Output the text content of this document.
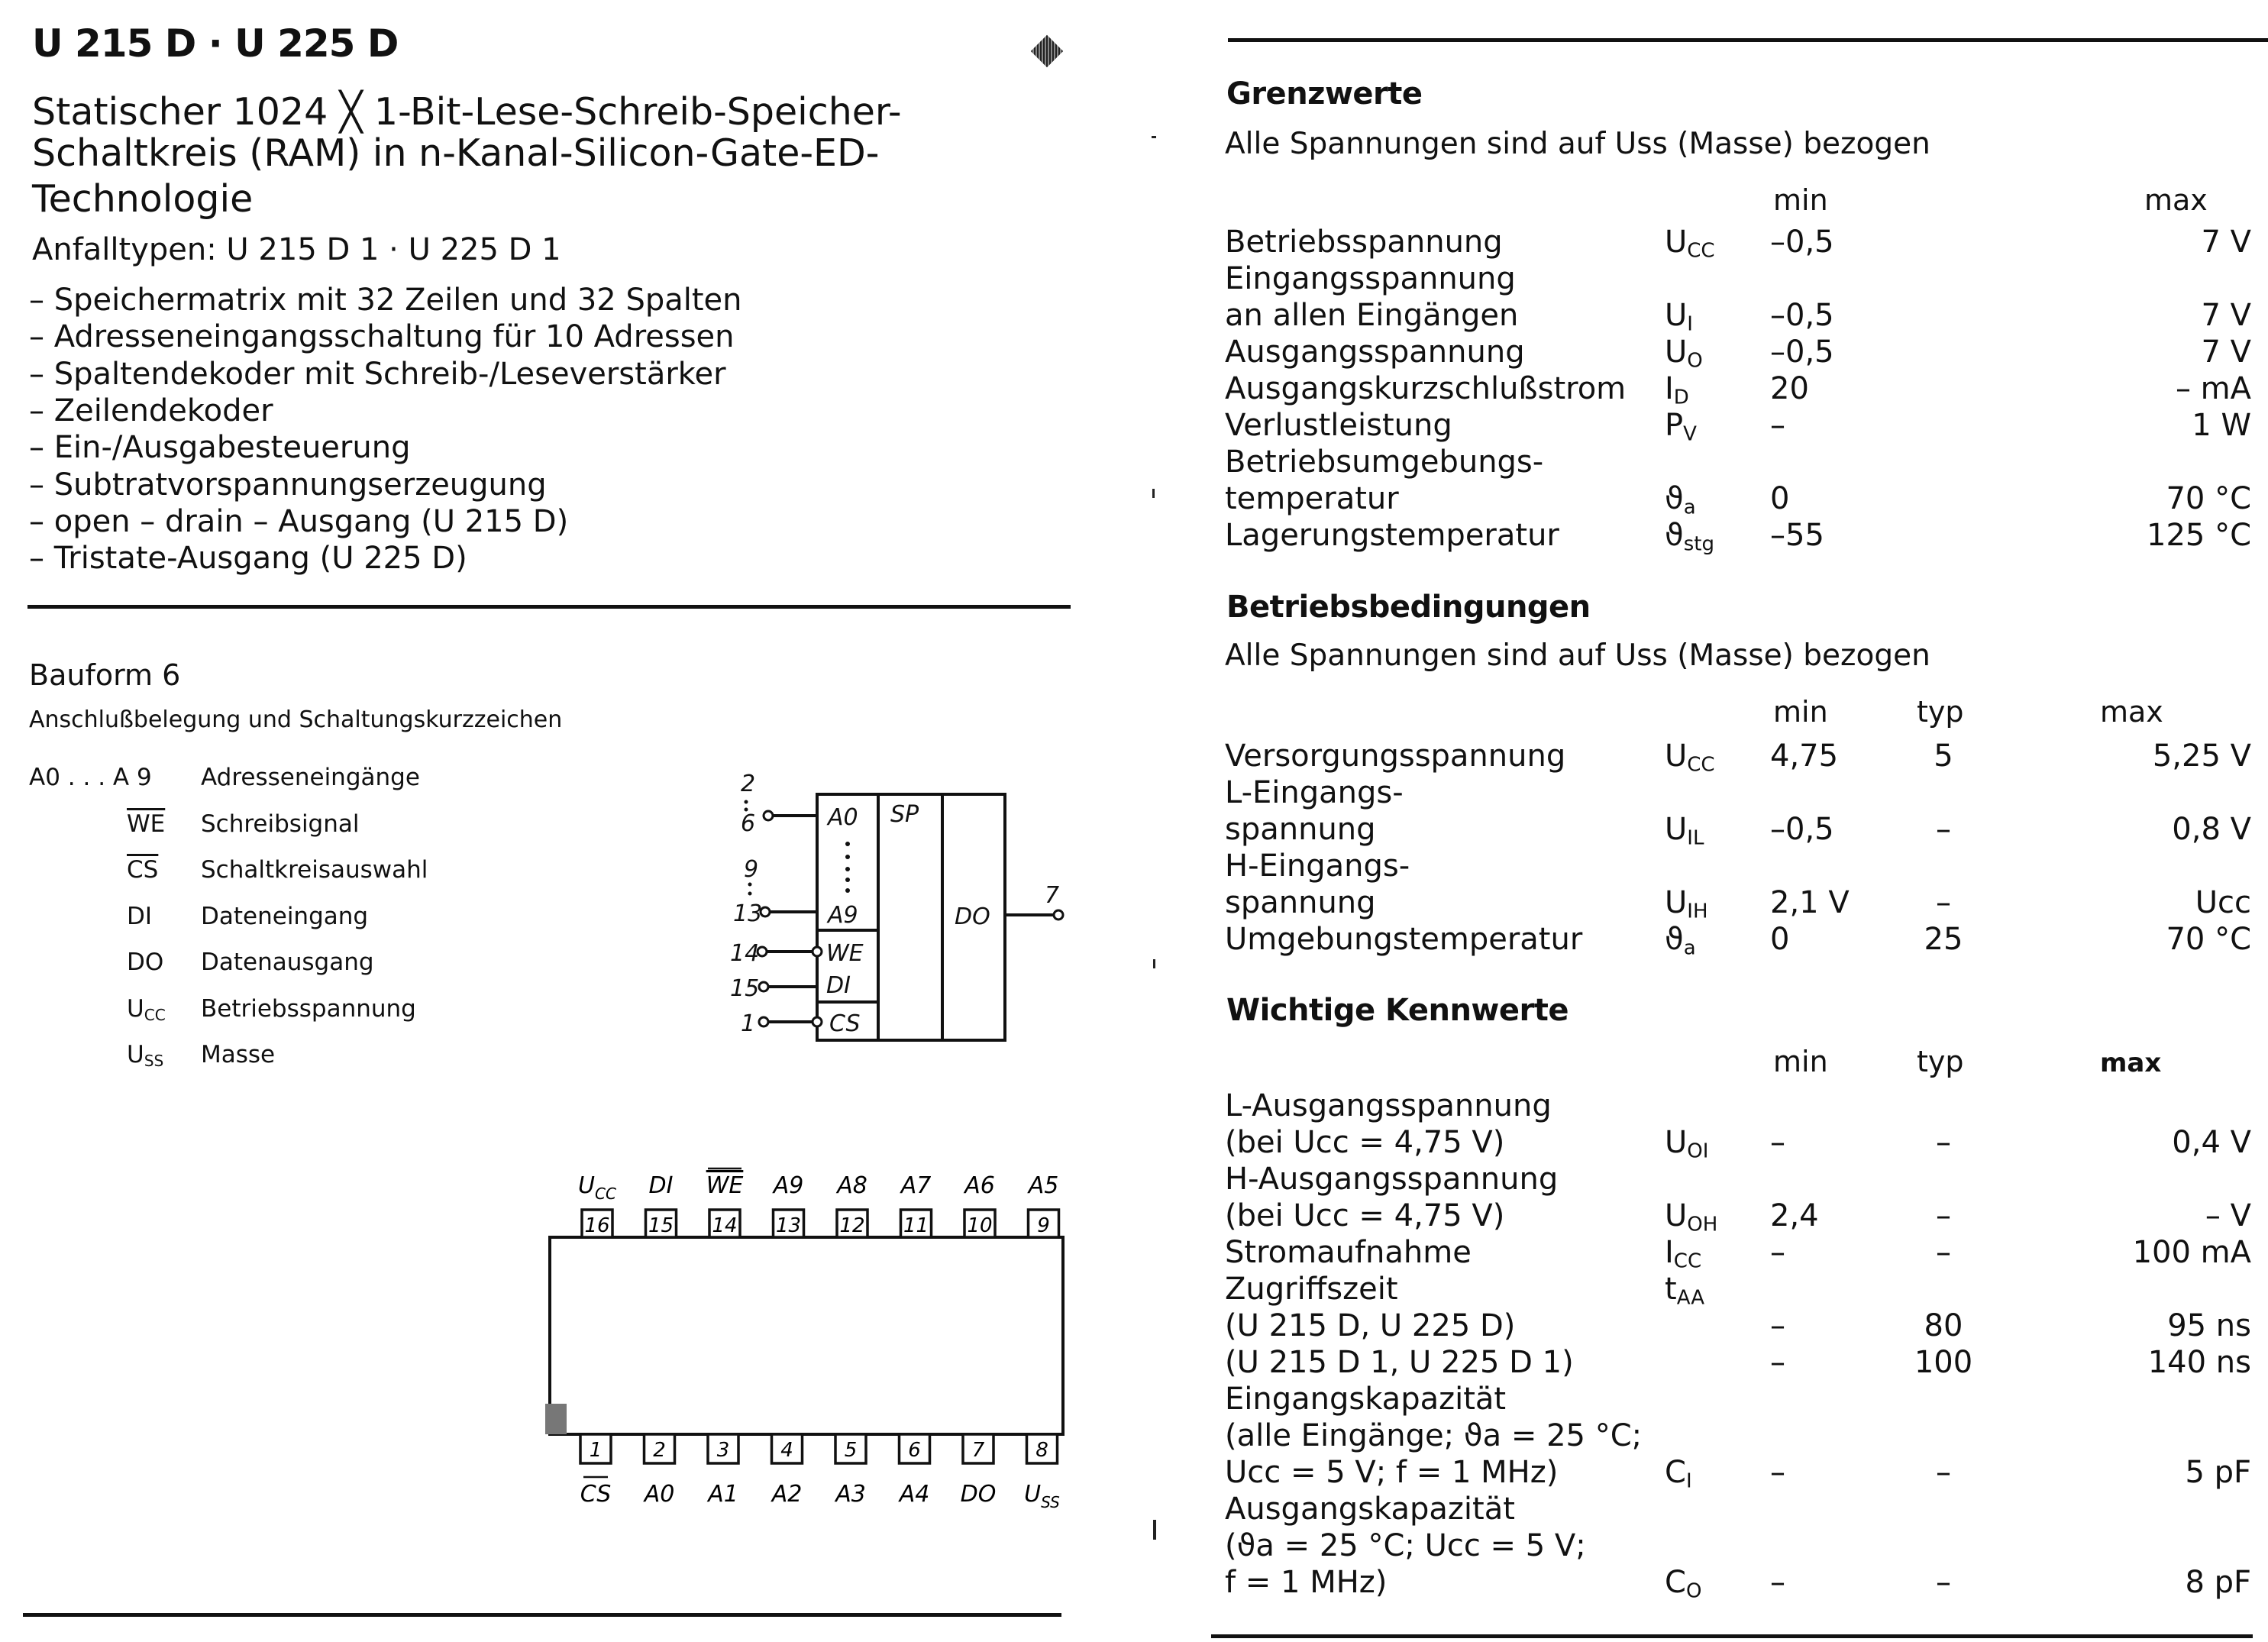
U 215 D · U 225 D
Statischer 1024 ╳ 1-Bit-Lese-Schreib-Speicher-
Schaltkreis (RAM) in n-Kanal-Silicon-Gate-ED-
Technologie
Anfalltypen: U 215 D 1 · U 225 D 1
– Speichermatrix mit 32 Zeilen und 32 Spalten
– Adresseneingangsschaltung für 10 Adressen
– Spaltendekoder mit Schreib-/Leseverstärker
– Zeilendekoder
– Ein-/Ausgabesteuerung
– Subtratvorspannungserzeugung
– open – drain – Ausgang (U 215 D)
– Tristate-Ausgang (U 225 D)
Bauform 6
Anschlußbelegung und Schaltungskurzzeichen
A0 . . . A 9 Adresseneingänge
$\overline{WE}$ Schreibsignal
$\overline{CS}$ Schaltkreisauswahl
DI Dateneingang
DO Datenausgang
$U_{CC}$ Betriebsspannung
$U_{SS}$ Masse
2
6
9
13
14
15
1
A0
A9
WE
DI
CS
SP
DO
7
16
$U_{CC}$
15
DI
14
WE
13
A9
12
A8
11
A7
10
A6
9
A5
1
CS
2
A0
3
A1
4
A2
5
A3
6
A4
7
DO
8
$U_{SS}$
Grenzwerte
Alle Spannungen sind auf Uss (Masse) bezogen
min	max
Betriebsspannung	$U_{CC}$ –0,5	7 V
Eingangsspannung
an allen Eingängen	$U_I$	–0,5	7 V
Ausgangsspannung	$U_O$ –0,5	7 V
Ausgangskurzschlußstrom $I_D$	20	– mA
Verlustleistung	$P_V$ –	1 W
Betriebsumgebungs-
temperatur	$ϑ_a$ 0	70 °C
Lagerungstemperatur	$ϑ_{stg}$ –55	125 °C
Betriebsbedingungen
Alle Spannungen sind auf Uss (Masse) bezogen
min	typ	max
Versorgungsspannung	$U_{CC}$ 4,75	5	5,25 V
L-Eingangs-
spannung	$U_{IL}$ –0,5	–	0,8 V
H-Eingangs-
spannung	$U_{IH}$ 2,1 V	–	Ucc
Umgebungstemperatur	$ϑ_a$ 0	25	70 °C
Wichtige Kennwerte
min	typ	max
L-Ausgangsspannung
(bei Ucc = 4,75 V)	$U_{OI}$ –	–	0,4 V
H-Ausgangsspannung
(bei Ucc = 4,75 V)	$U_{OH}$ 2,4	–	– V
Stromaufnahme	$I_{CC}$ –	–	100 mA
Zugriffszeit	$t_{AA}$
(U 215 D, U 225 D)	–	80	95 ns
(U 215 D 1, U 225 D 1)	–	100	140 ns
Eingangskapazität
(alle Eingänge; ϑa = 25 °C;
Ucc = 5 V; f = 1 MHz)	$C_I$	–	–	5 pF
Ausgangskapazität
(ϑa = 25 °C; Ucc = 5 V;
f = 1 MHz)	$C_O$ –	–	8 pF
